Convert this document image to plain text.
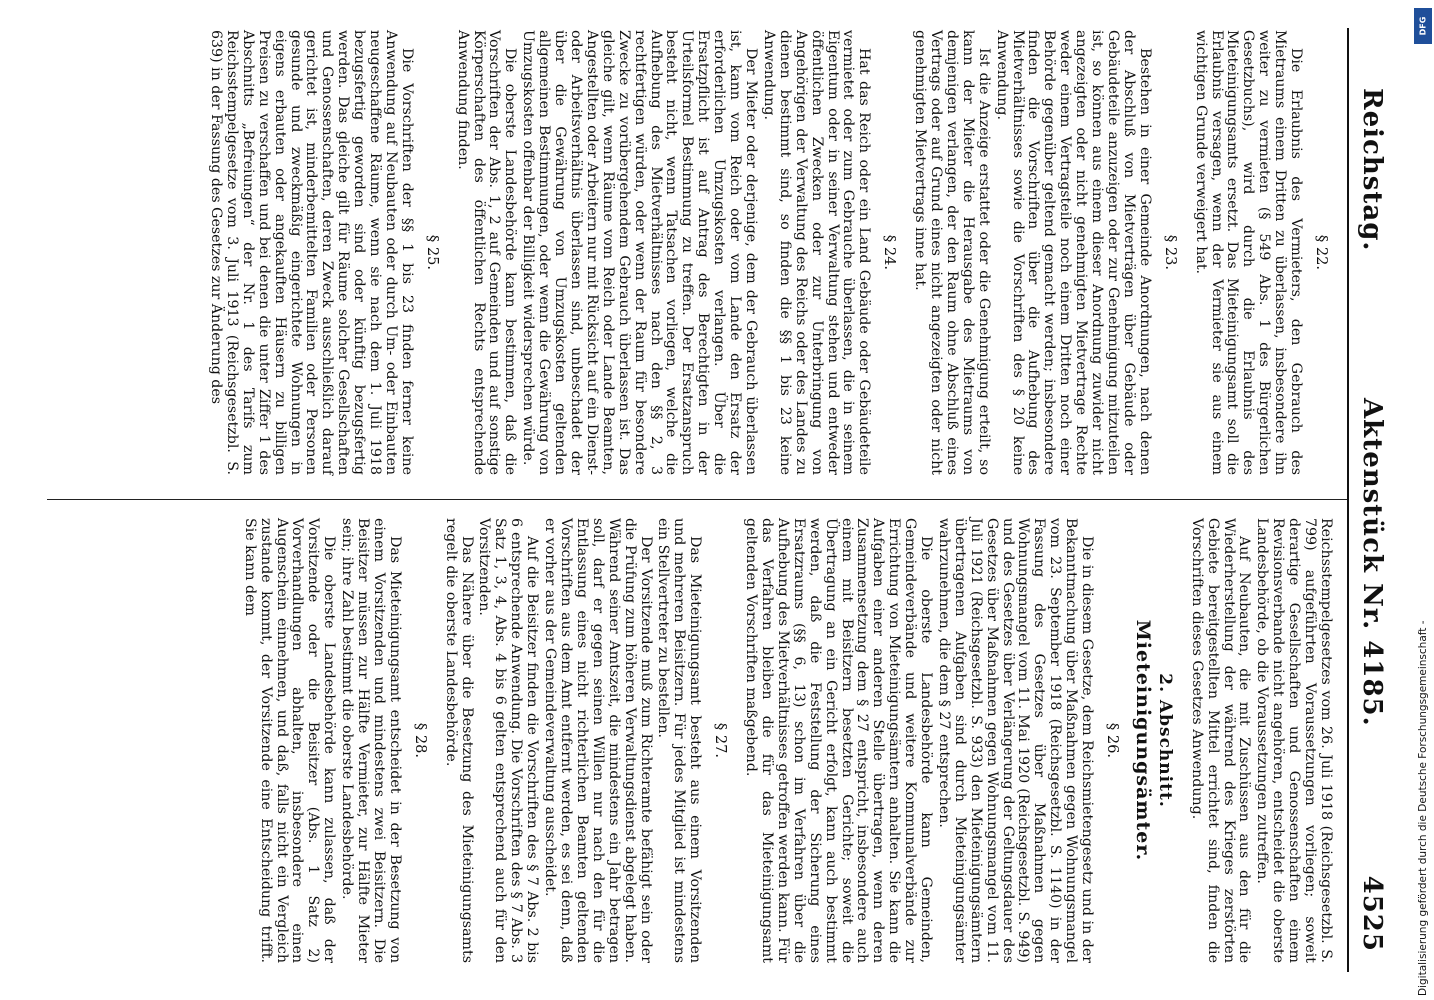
Reichstag.
Aktenstück Nr. 4185.
4525
§ 22.

Die Erlaubnis des Vermieters, den Gebrauch des Mietraums einem Dritten zu überlassen, insbesondere ihn weiter zu vermieten (§ 549 Abs. 1 des Bürgerlichen Gesetzbuchs), wird durch die Erlaubnis des Mieteinigungsamts ersetzt. Das Mieteinigungsamt soll die Erlaubnis versagen, wenn der Vermieter sie aus einem wichtigen Grunde verweigert hat.

§ 23.

Bestehen in einer Gemeinde Anordnungen, nach denen der Abschluß von Mietverträgen über Gebäude oder Gebäudeteile anzuzeigen oder zur Genehmigung mitzuteilen ist, so können aus einem dieser Anordnung zuwider nicht angezeigten oder nicht genehmigten Mietvertrage Rechte weder einem Vertragsteile noch einem Dritten noch einer Behörde gegenüber geltend gemacht werden; insbesondere finden die Vorschriften über die Aufhebung des Mietverhältnisses sowie die Vorschriften des § 20 keine Anwendung.

Ist die Anzeige erstattet oder die Genehmigung erteilt, so kann der Mieter die Herausgabe des Mietraums von demjenigen verlangen, der den Raum ohne Abschluß eines Vertrags oder auf Grund eines nicht angezeigten oder nicht genehmigten Mietvertrags inne hat.

§ 24.

Hat das Reich oder ein Land Gebäude oder Gebäudeteile vermietet oder zum Gebrauche überlassen, die in seinem Eigentum oder in seiner Verwaltung stehen und entweder öffentlichen Zwecken oder zur Unterbringung von Angehörigen der Verwaltung des Reichs oder des Landes zu dienen bestimmt sind, so finden die §§ 1 bis 23 keine Anwendung.

Der Mieter oder derjenige, dem der Gebrauch überlassen ist, kann vom Reich oder vom Lande den Ersatz der erforderlichen Umzugskosten verlangen. Über die Ersatzpflicht ist auf Antrag des Berechtigten in der Urteilsformel Bestimmung zu treffen. Der Ersatzanspruch besteht nicht, wenn Tatsachen vorliegen, welche die Aufhebung des Mietverhältnisses nach den §§ 2, 3 rechtfertigen würden, oder wenn der Raum für besondere Zwecke zu vorübergehendem Gebrauch überlassen ist. Das gleiche gilt, wenn Räume vom Reich oder Lande Beamten, Angestellten oder Arbeitern nur mit Rücksicht auf ein Dienst- oder Arbeitsverhältnis überlassen sind, unbeschadet der über die Gewährung von Umzugskosten geltenden allgemeinen Bestimmungen, oder wenn die Gewährung von Umzugskosten offenbar der Billigkeit widersprechen würde.

Die oberste Landesbehörde kann bestimmen, daß die Vorschriften der Abs. 1, 2 auf Gemeinden und auf sonstige Körperschaften des öffentlichen Rechts entsprechende Anwendung finden.

§ 25.

Die Vorschriften der §§ 1 bis 23 finden ferner keine Anwendung auf Neubauten oder durch Um- oder Einbauten neugeschaffene Räume, wenn sie nach dem 1. Juli 1918 bezugsfertig geworden sind oder künftig bezugsfertig werden. Das gleiche gilt für Räume solcher Gesellschaften und Genossenschaften, deren Zweck ausschließlich darauf gerichtet ist, minderbemittelten Familien oder Personen gesunde und zweckmäßig eingerichtete Wohnungen in eigens erbauten oder angekauften Häusern zu billigen Preisen zu verschaffen und bei denen die unter Ziffer 1 des Abschnitts „Befreiungen“ der Nr. 1 des Tarifs zum Reichsstempelgesetze vom 3. Juli 1913 (Reichsgesetzbl. S. 639) in der Fassung des Gesetzes zur Änderung des

Reichsstempelgesetzes vom 26. Juli 1918 (Reichsgesetzbl. S. 799) aufgeführten Voraussetzungen vorliegen; soweit derartige Gesellschaften und Genossenschaften einem Revisionsverbande nicht angehören, entscheidet die oberste Landesbehörde, ob die Voraussetzungen zutreffen.

Auf Neubauten, die mit Zuschüssen aus den für die Wiederherstellung der während des Krieges zerstörten Gebiete bereitgestellten Mittel errichtet sind, finden die Vorschriften dieses Gesetzes Anwendung.

2. Abschnitt.
Mieteinigungsämter.
§ 26.

Die in diesem Gesetze, dem Reichsmietengesetz und in der Bekanntmachung über Maßnahmen gegen Wohnungsmangel vom 23. September 1918 (Reichsgesetzbl. S. 1140) in der Fassung des Gesetzes über Maßnahmen gegen Wohnungsmangel vom 11. Mai 1920 (Reichsgesetzbl. S. 949) und des Gesetzes über Verlängerung der Geltungsdauer des Gesetzes über Maßnahmen gegen Wohnungsmangel vom 11. Juli 1921 (Reichsgesetzbl. S. 933) den Mieteinigungsämtern übertragenen Aufgaben sind durch Mieteinigungsämter wahrzunehmen, die dem § 27 entsprechen.

Die oberste Landesbehörde kann Gemeinden, Gemeindeverbände und weitere Kommunalverbände zur Errichtung von Mieteinigungsämtern anhalten. Sie kann die Aufgaben einer anderen Stelle übertragen, wenn deren Zusammensetzung dem § 27 entspricht, insbesondere auch einem mit Beisitzern besetzten Gerichte; soweit die Übertragung an ein Gericht erfolgt, kann auch bestimmt werden, daß die Feststellung der Sicherung eines Ersatzraums (§§ 6, 13) schon im Verfahren über die Aufhebung des Mietverhältnisses getroffen werden kann. Für das Verfahren bleiben die für das Mieteinigungsamt geltenden Vorschriften maßgebend.

§ 27.

Das Mieteinigungsamt besteht aus einem Vorsitzenden und mehreren Beisitzern. Für jedes Mitglied ist mindestens ein Stellvertreter zu bestellen.

Der Vorsitzende muß zum Richteramte befähigt sein oder die Prüfung zum höheren Verwaltungsdienst abgelegt haben. Während seiner Amtszeit, die mindestens ein Jahr betragen soll, darf er gegen seinen Willen nur nach den für die Entlassung eines nicht richterlichen Beamten geltenden Vorschriften aus dem Amt entfernt werden, es sei denn, daß er vorher aus der Gemeindeverwaltung ausscheidet.

Auf die Beisitzer finden die Vorschriften des § 7 Abs. 2 bis 6 entsprechende Anwendung. Die Vorschriften des § 7 Abs. 3 Satz 1, 3, 4, Abs. 4 bis 6 gelten entsprechend auch für den Vorsitzenden.

Das Nähere über die Besetzung des Mieteinigungsamts regelt die oberste Landesbehörde.

§ 28.

Das Mieteinigungsamt entscheidet in der Besetzung von einem Vorsitzenden und mindestens zwei Beisitzern. Die Beisitzer müssen zur Hälfte Vermieter, zur Hälfte Mieter sein; ihre Zahl bestimmt die oberste Landesbehörde.

Die oberste Landesbehörde kann zulassen, daß der Vorsitzende oder die Beisitzer (Abs. 1 Satz 2) Vorverhandlungen abhalten, insbesondere einen Augenschein einnehmen, und daß, falls nicht ein Vergleich zustande kommt, der Vorsitzende eine Entscheidung trifft. Sie kann dem

Digitalisierung gefördert durch die Deutsche Forschungsgemeinschaft -
DFG
